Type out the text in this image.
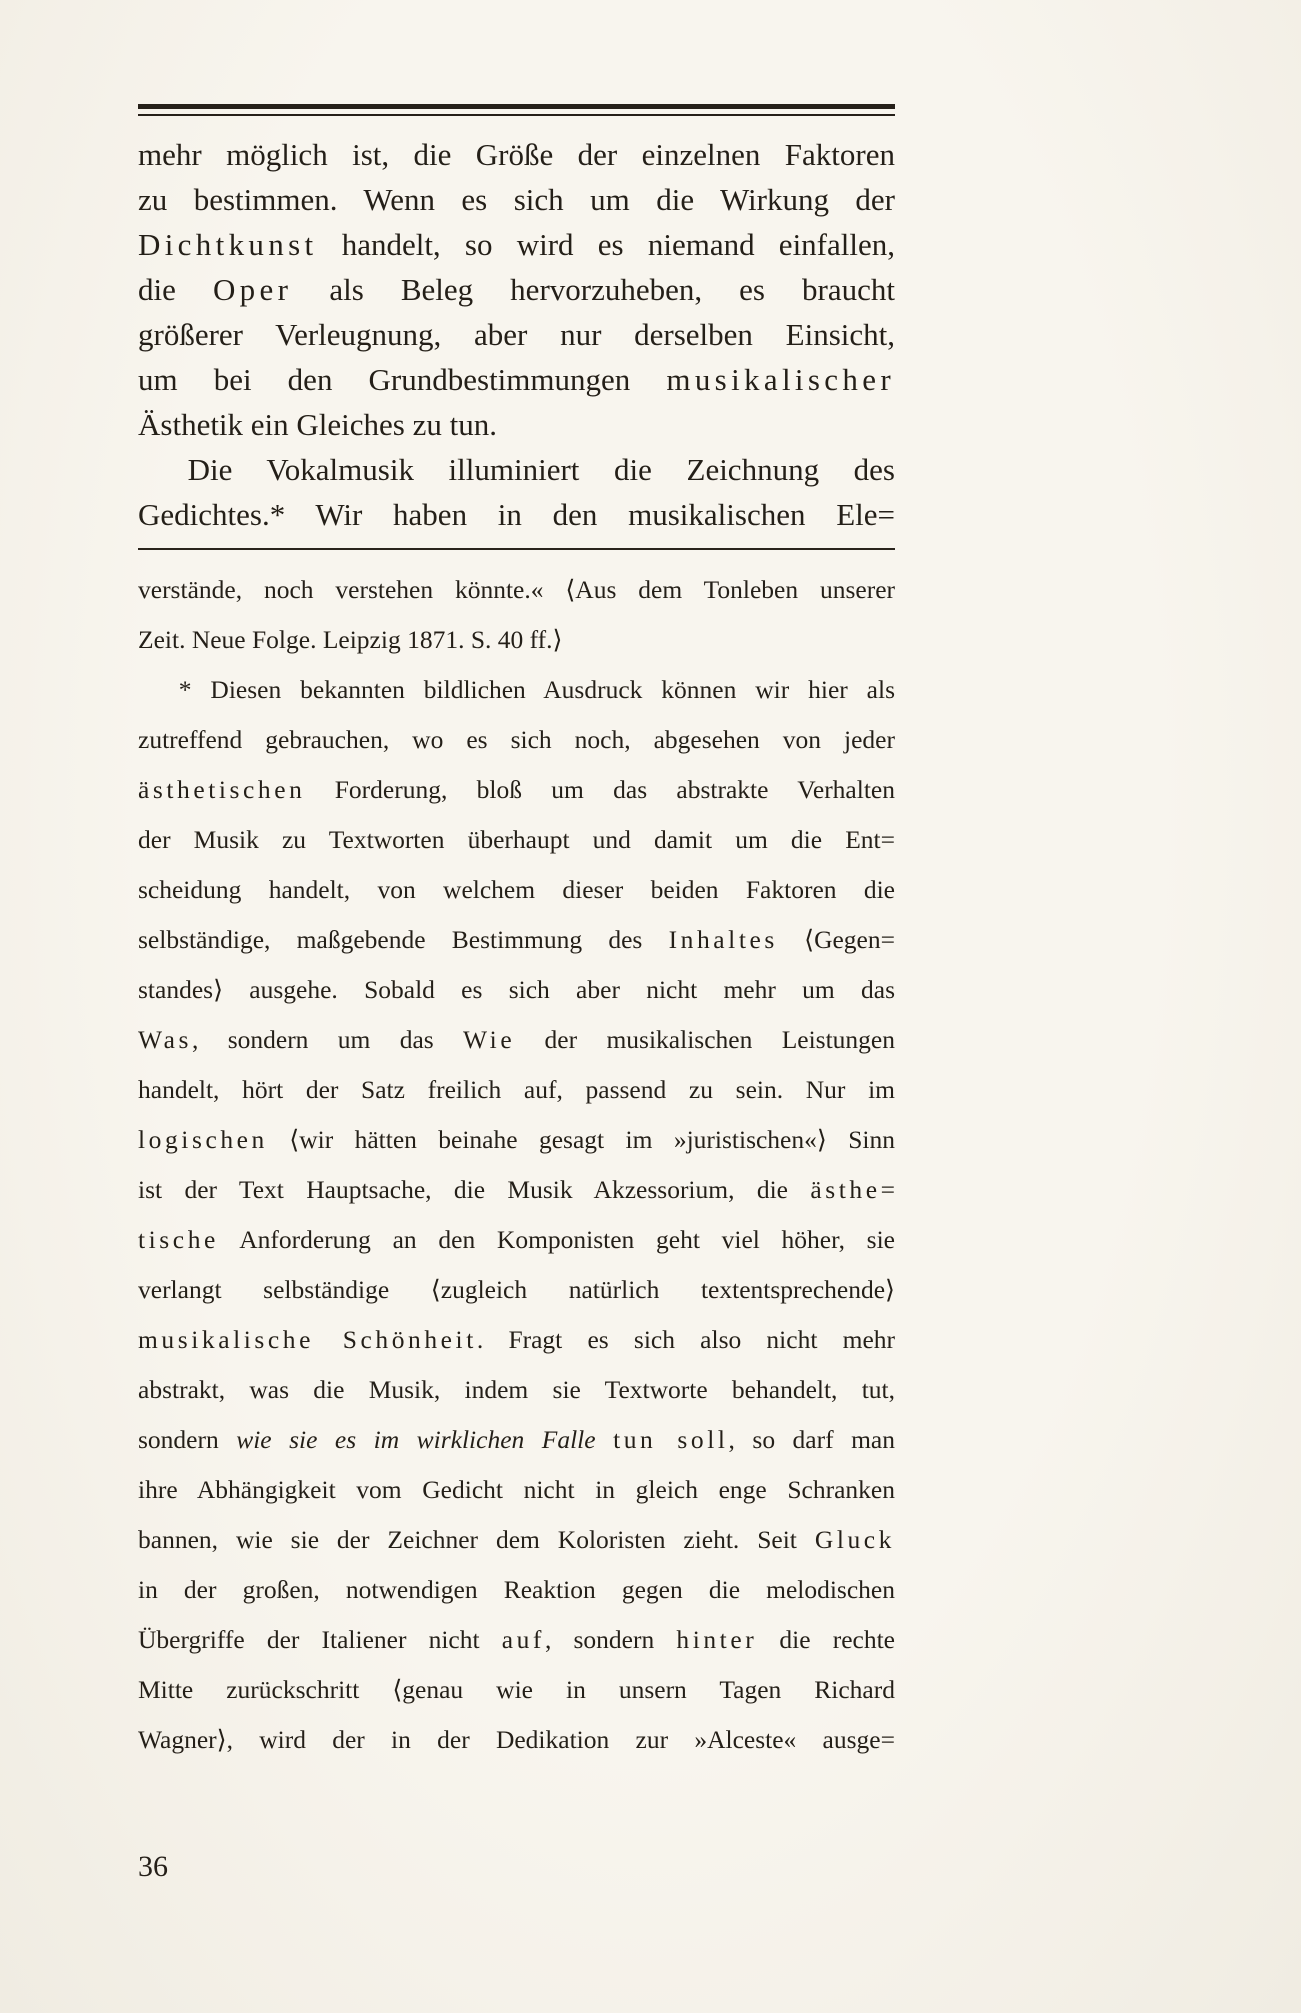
mehr möglich ist, die Größe der einzelnen Faktoren
zu bestimmen. Wenn es sich um die Wirkung der
Dichtkunst handelt, so wird es niemand einfallen,
die Oper als Beleg hervorzuheben, es braucht
größerer Verleugnung, aber nur derselben Einsicht,
um bei den Grundbestimmungen musikalischer
Ästhetik ein Gleiches zu tun.
Die Vokalmusik illuminiert die Zeichnung des
Gedichtes.* Wir haben in den musikalischen Ele=
verstände, noch verstehen könnte.« ⟨Aus dem Tonleben unserer
Zeit. Neue Folge. Leipzig 1871. S. 40 ff.⟩
* Diesen bekannten bildlichen Ausdruck können wir hier als
zutreffend gebrauchen, wo es sich noch, abgesehen von jeder
ästhetischen Forderung, bloß um das abstrakte Verhalten
der Musik zu Textworten überhaupt und damit um die Ent=
scheidung handelt, von welchem dieser beiden Faktoren die
selbständige, maßgebende Bestimmung des Inhaltes ⟨Gegen=
standes⟩ ausgehe. Sobald es sich aber nicht mehr um das
Was, sondern um das Wie der musikalischen Leistungen
handelt, hört der Satz freilich auf, passend zu sein. Nur im
logischen ⟨wir hätten beinahe gesagt im »juristischen«⟩ Sinn
ist der Text Hauptsache, die Musik Akzessorium, die ästhe=
tische Anforderung an den Komponisten geht viel höher, sie
verlangt selbständige ⟨zugleich natürlich textentsprechende⟩
musikalische Schönheit. Fragt es sich also nicht mehr
abstrakt, was die Musik, indem sie Textworte behandelt, tut,
sondern wie sie es im wirklichen Falle tun soll, so darf man
ihre Abhängigkeit vom Gedicht nicht in gleich enge Schranken
bannen, wie sie der Zeichner dem Koloristen zieht. Seit Gluck
in der großen, notwendigen Reaktion gegen die melodischen
Übergriffe der Italiener nicht auf, sondern hinter die rechte
Mitte zurückschritt ⟨genau wie in unsern Tagen Richard
Wagner⟩, wird der in der Dedikation zur »Alceste« ausge=
36
